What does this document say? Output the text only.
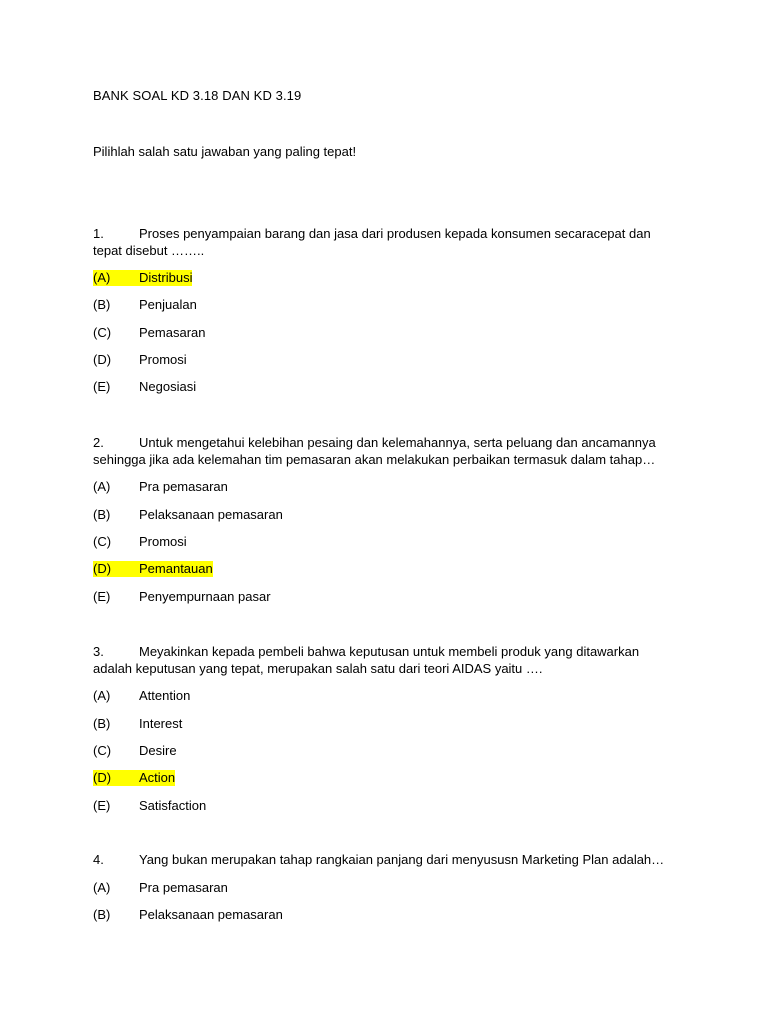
BANK SOAL KD 3.18 DAN KD 3.19
Pilihlah salah satu jawaban yang paling tepat!
1.	Proses penyampaian barang dan jasa dari produsen kepada konsumen secaracepat dan
tepat disebut ……..
(A) Distribusi
(B) Penjualan
(C) Pemasaran
(D) Promosi
(E) Negosiasi
2.	Untuk mengetahui kelebihan pesaing dan kelemahannya, serta peluang dan ancamannya
sehingga jika ada kelemahan tim pemasaran akan melakukan perbaikan termasuk dalam tahap…
(A) Pra pemasaran
(B) Pelaksanaan pemasaran
(C) Promosi
(D) Pemantauan
(E) Penyempurnaan pasar
3.	Meyakinkan kepada pembeli bahwa keputusan untuk membeli produk yang ditawarkan
adalah keputusan yang tepat, merupakan salah satu dari teori AIDAS yaitu ….
(A) Attention
(B) Interest
(C) Desire
(D) Action
(E) Satisfaction
4.	Yang bukan merupakan tahap rangkaian panjang dari menyususn Marketing Plan adalah…
(A) Pra pemasaran
(B) Pelaksanaan pemasaran
